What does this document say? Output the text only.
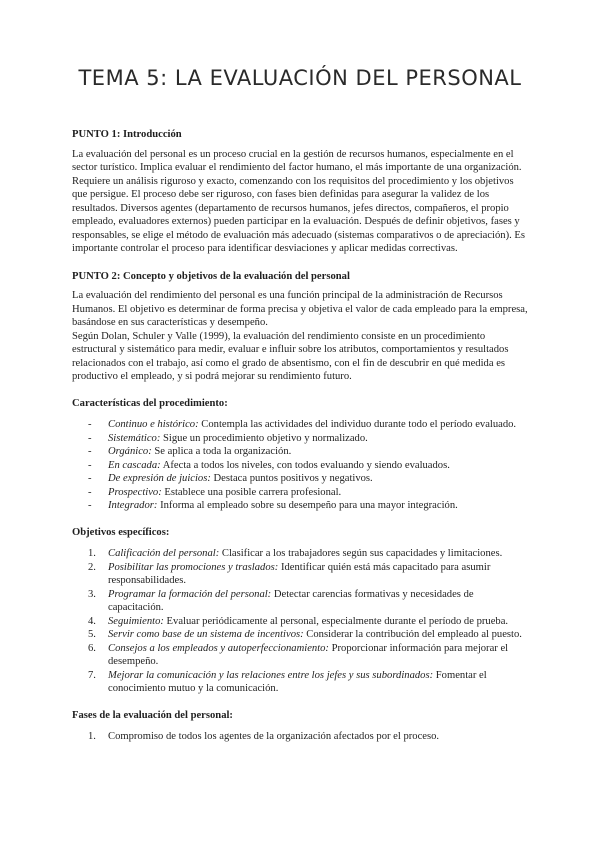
TEMA 5: LA EVALUACIÓN DEL PERSONAL
PUNTO 1: Introducción

La evaluación del personal es un proceso crucial en la gestión de recursos humanos, especialmente en el sector turístico. Implica evaluar el rendimiento del factor humano, el más importante de una organización. Requiere un análisis riguroso y exacto, comenzando con los requisitos del procedimiento y los objetivos que persigue. El proceso debe ser riguroso, con fases bien definidas para asegurar la validez de los resultados. Diversos agentes (departamento de recursos humanos, jefes directos, compañeros, el propio empleado, evaluadores externos) pueden participar en la evaluación. Después de definir objetivos, fases y responsables, se elige el método de evaluación más adecuado (sistemas comparativos o de apreciación). Es importante controlar el proceso para identificar desviaciones y aplicar medidas correctivas.

PUNTO 2: Concepto y objetivos de la evaluación del personal

La evaluación del rendimiento del personal es una función principal de la administración de Recursos Humanos. El objetivo es determinar de forma precisa y objetiva el valor de cada empleado para la empresa, basándose en sus características y desempeño.

Según Dolan, Schuler y Valle (1999), la evaluación del rendimiento consiste en un procedimiento estructural y sistemático para medir, evaluar e influir sobre los atributos, comportamientos y resultados relacionados con el trabajo, así como el grado de absentismo, con el fin de descubrir en qué medida es productivo el empleado, y si podrá mejorar su rendimiento futuro.

Características del procedimiento:
- Continuo e histórico: Contempla las actividades del individuo durante todo el período evaluado.
- Sistemático: Sigue un procedimiento objetivo y normalizado.
- Orgánico: Se aplica a toda la organización.
- En cascada: Afecta a todos los niveles, con todos evaluando y siendo evaluados.
- De expresión de juicios: Destaca puntos positivos y negativos.
- Prospectivo: Establece una posible carrera profesional.
- Integrador: Informa al empleado sobre su desempeño para una mayor integración.
Objetivos específicos:
1. Calificación del personal: Clasificar a los trabajadores según sus capacidades y limitaciones.
2. Posibilitar las promociones y traslados: Identificar quién está más capacitado para asumir responsabilidades.
3. Programar la formación del personal: Detectar carencias formativas y necesidades de capacitación.
4. Seguimiento: Evaluar periódicamente al personal, especialmente durante el período de prueba.
5. Servir como base de un sistema de incentivos: Considerar la contribución del empleado al puesto.
6. Consejos a los empleados y autoperfeccionamiento: Proporcionar información para mejorar el desempeño.
7. Mejorar la comunicación y las relaciones entre los jefes y sus subordinados: Fomentar el conocimiento mutuo y la comunicación.
Fases de la evaluación del personal:
1. Compromiso de todos los agentes de la organización afectados por el proceso.
